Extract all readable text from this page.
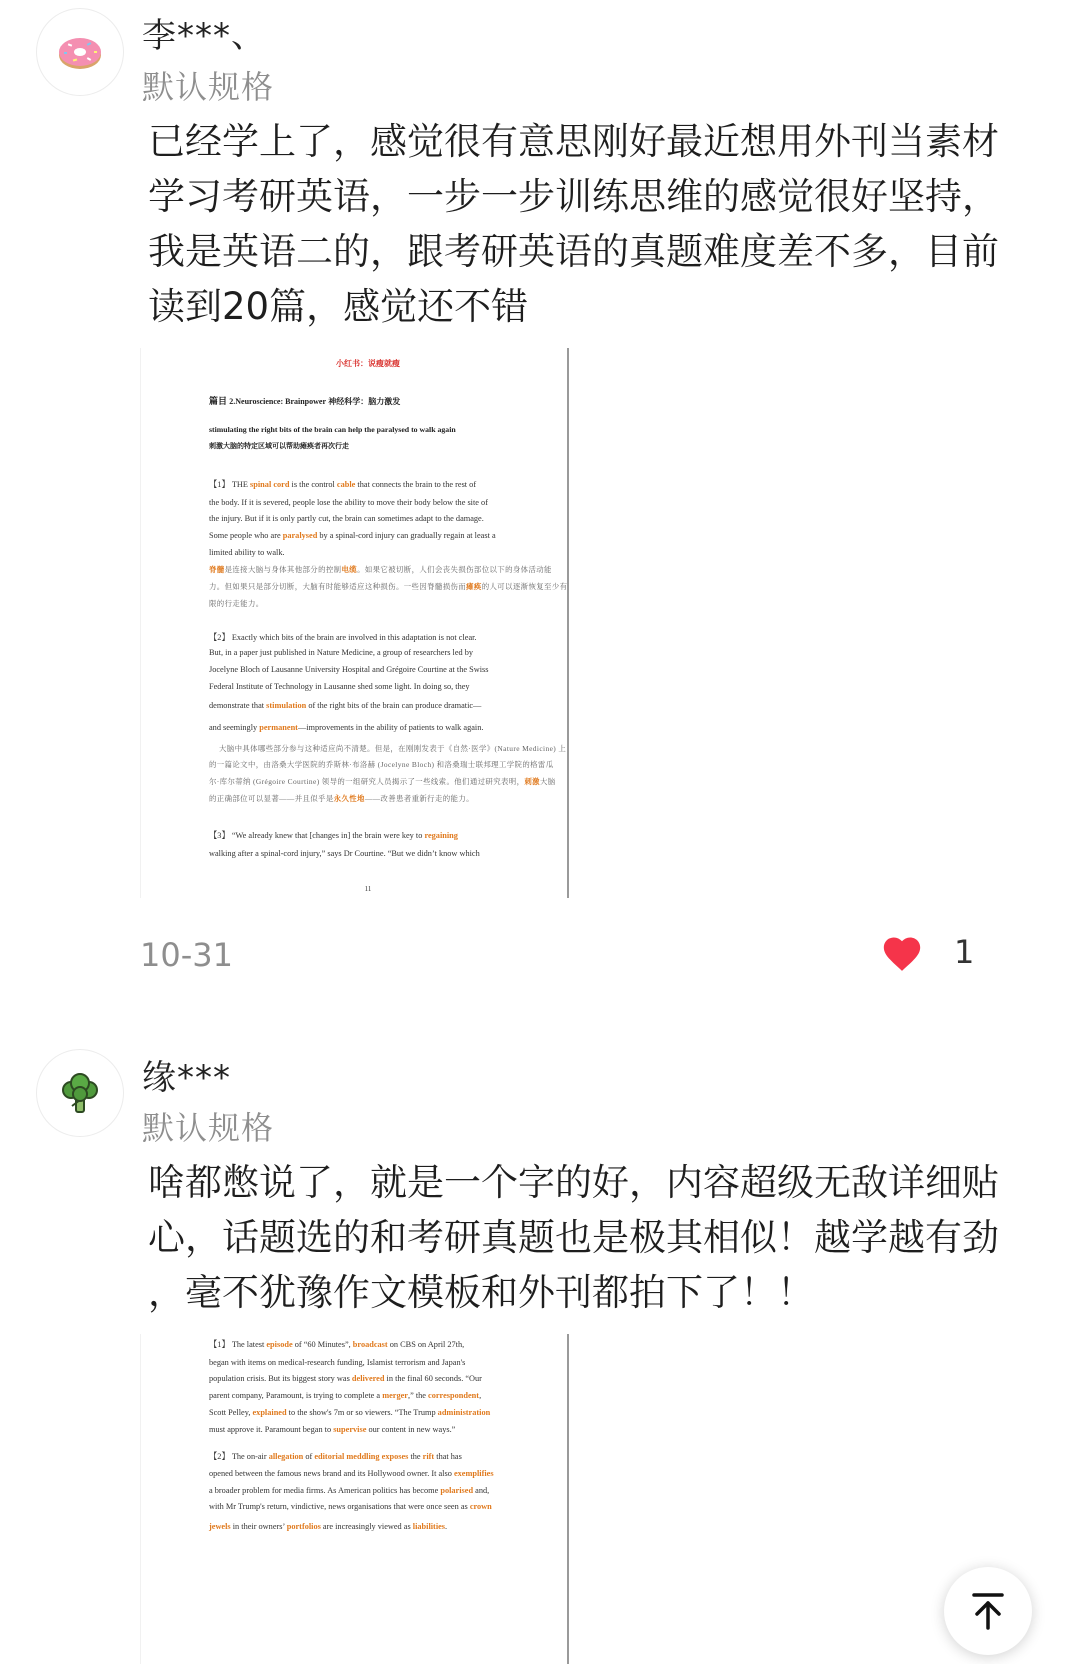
李***、
默认规格
已经学上了，感觉很有意思刚好最近想用外刊当素材
学习考研英语，一步一步训练思维的感觉很好坚持，
我是英语二的，跟考研英语的真题难度差不多，目前
读到20篇，感觉还不错
小红书：说瘦就瘦
篇目 2.Neuroscience: Brainpower 神经科学：脑力激发
stimulating the right bits of the brain can help the paralysed to walk again
刺激大脑的特定区域可以帮助瘫痪者再次行走
【1】 THE spinal cord is the control cable that connects the brain to the rest of
the body. If it is severed, people lose the ability to move their body below the site of
the injury. But if it is only partly cut, the brain can sometimes adapt to the damage.
Some people who are paralysed by a spinal-cord injury can gradually regain at least a
limited ability to walk.
脊髓是连接大脑与身体其他部分的控制电缆。如果它被切断，人们会丧失损伤部位以下的身体活动能
力。但如果只是部分切断，大脑有时能够适应这种损伤。一些因脊髓损伤而瘫痪的人可以逐渐恢复至少有
限的行走能力。
【2】 Exactly which bits of the brain are involved in this adaptation is not clear.
But, in a paper just published in Nature Medicine, a group of researchers led by
Jocelyne Bloch of Lausanne University Hospital and Grégoire Courtine at the Swiss
Federal Institute of Technology in Lausanne shed some light. In doing so, they
demonstrate that stimulation of the right bits of the brain can produce dramatic—
and seemingly permanent—improvements in the ability of patients to walk again.
大脑中具体哪些部分参与这种适应尚不清楚。但是，在刚刚发表于《自然·医学》(Nature Medicine) 上
的一篇论文中，由洛桑大学医院的乔斯林·布洛赫 (Jocelyne Bloch) 和洛桑瑞士联邦理工学院的格雷瓜
尔·库尔蒂纳 (Grégoire Courtine) 领导的一组研究人员揭示了一些线索。他们通过研究表明，刺激大脑
的正确部位可以显著——并且似乎是永久性地——改善患者重新行走的能力。
【3】 “We already knew that [changes in] the brain were key to regaining
walking after a spinal-cord injury,” says Dr Courtine. “But we didn’t know which
11
10-31	1
缘***
默认规格
啥都憋说了，就是一个字的好，内容超级无敌详细贴
心，话题选的和考研真题也是极其相似！越学越有劲
，毫不犹豫作文模板和外刊都拍下了！！
【1】 The latest episode of “60 Minutes”, broadcast on CBS on April 27th,
began with items on medical-research funding, Islamist terrorism and Japan's
population crisis. But its biggest story was delivered in the final 60 seconds. “Our
parent company, Paramount, is trying to complete a merger,” the correspondent,
Scott Pelley, explained to the show's 7m or so viewers. “The Trump administration
must approve it. Paramount began to supervise our content in new ways.”
【2】 The on-air allegation of editorial meddling exposes the rift that has
opened between the famous news brand and its Hollywood owner. It also exemplifies
a broader problem for media firms. As American politics has become polarised and,
with Mr Trump's return, vindictive, news organisations that were once seen as crown
jewels in their owners’ portfolios are increasingly viewed as liabilities.
